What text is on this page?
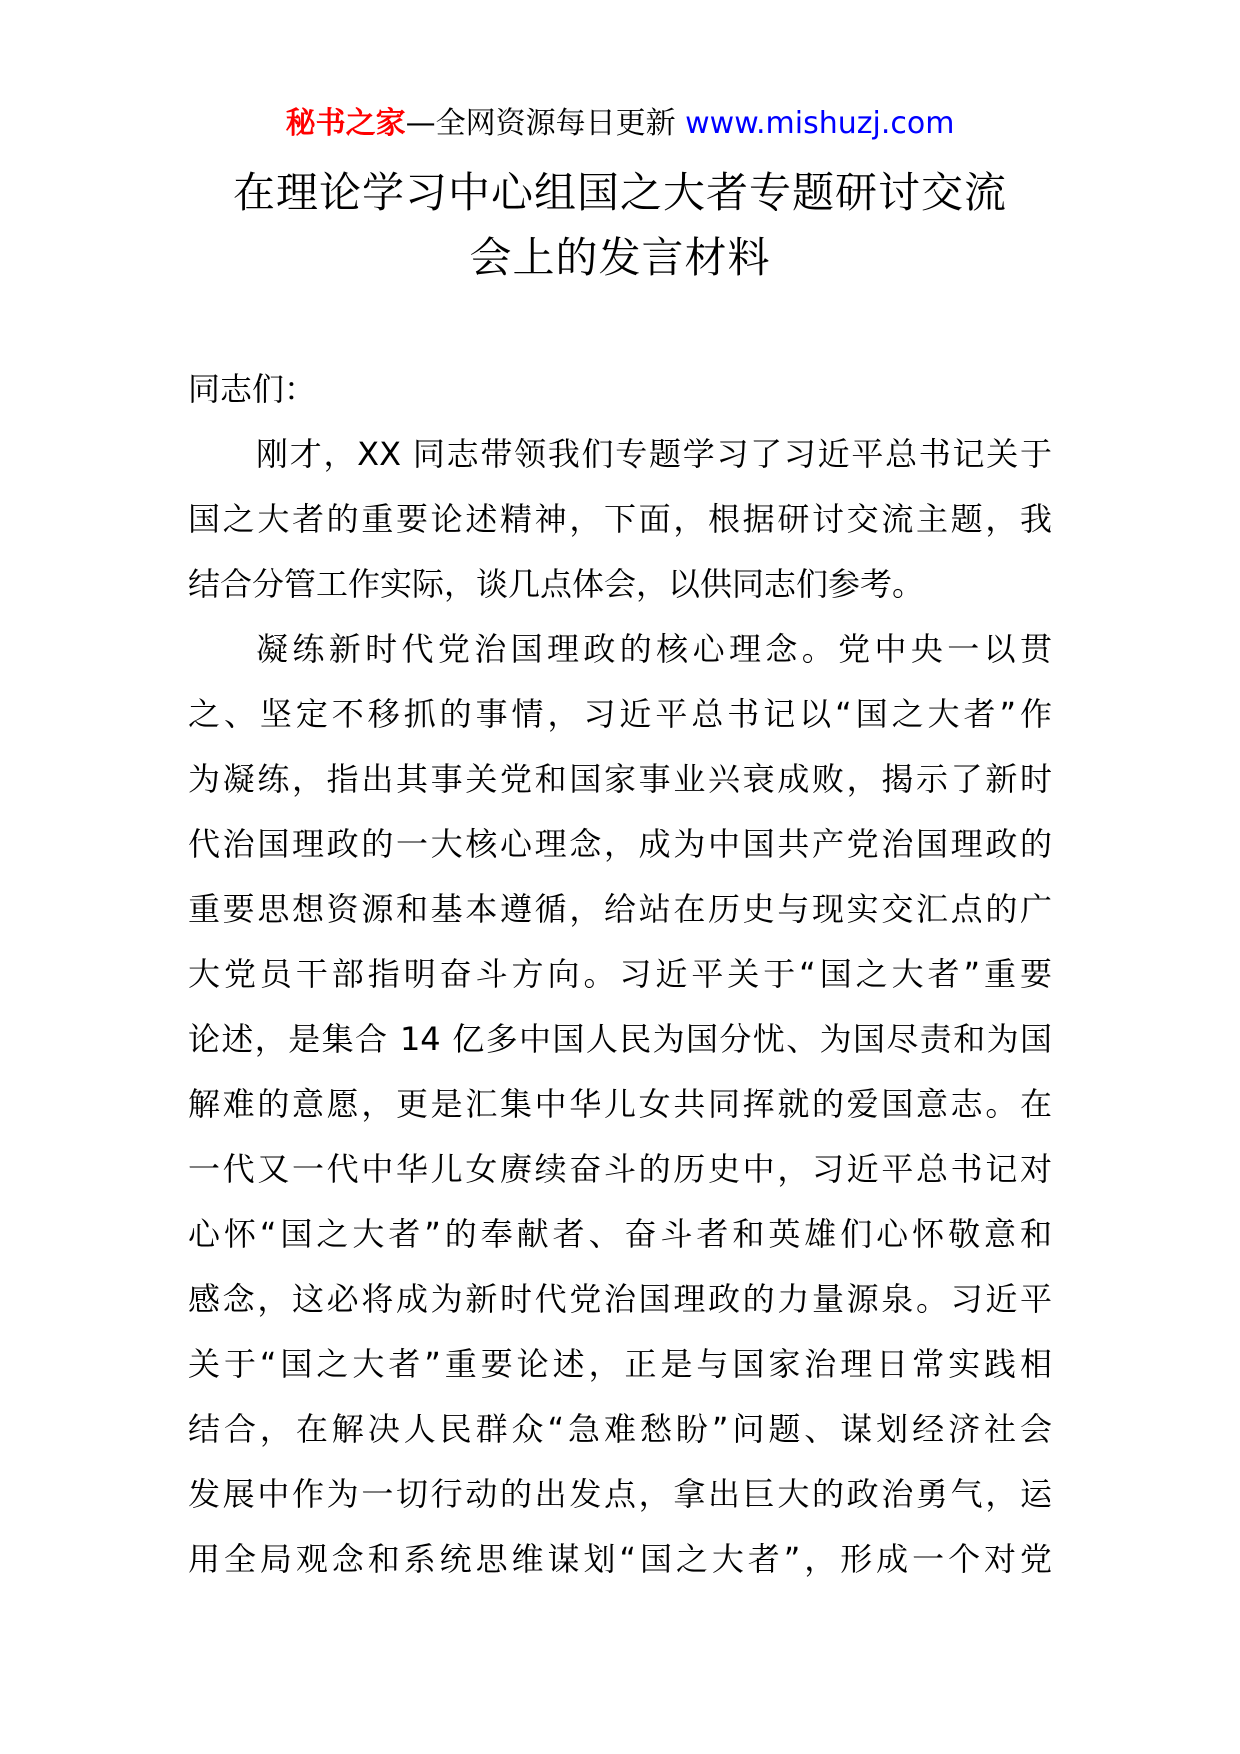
秘书之家—全网资源每日更新 www.mishuzj.com
在理论学习中心组国之大者专题研讨交流
会上的发言材料
同志们：
刚才，XX 同志带领我们专题学习了习近平总书记关于
国之大者的重要论述精神，下面，根据研讨交流主题，我
结合分管工作实际，谈几点体会，以供同志们参考。
凝练新时代党治国理政的核心理念。党中央一以贯
之、坚定不移抓的事情，习近平总书记以“国之大者”作
为凝练，指出其事关党和国家事业兴衰成败，揭示了新时
代治国理政的一大核心理念，成为中国共产党治国理政的
重要思想资源和基本遵循，给站在历史与现实交汇点的广
大党员干部指明奋斗方向。习近平关于“国之大者”重要
论述，是集合 14 亿多中国人民为国分忧、为国尽责和为国
解难的意愿，更是汇集中华儿女共同挥就的爱国意志。在
一代又一代中华儿女赓续奋斗的历史中，习近平总书记对
心怀“国之大者”的奉献者、奋斗者和英雄们心怀敬意和
感念，这必将成为新时代党治国理政的力量源泉。习近平
关于“国之大者”重要论述，正是与国家治理日常实践相
结合，在解决人民群众“急难愁盼”问题、谋划经济社会
发展中作为一切行动的出发点，拿出巨大的政治勇气，运
用全局观念和系统思维谋划“国之大者”，形成一个对党
